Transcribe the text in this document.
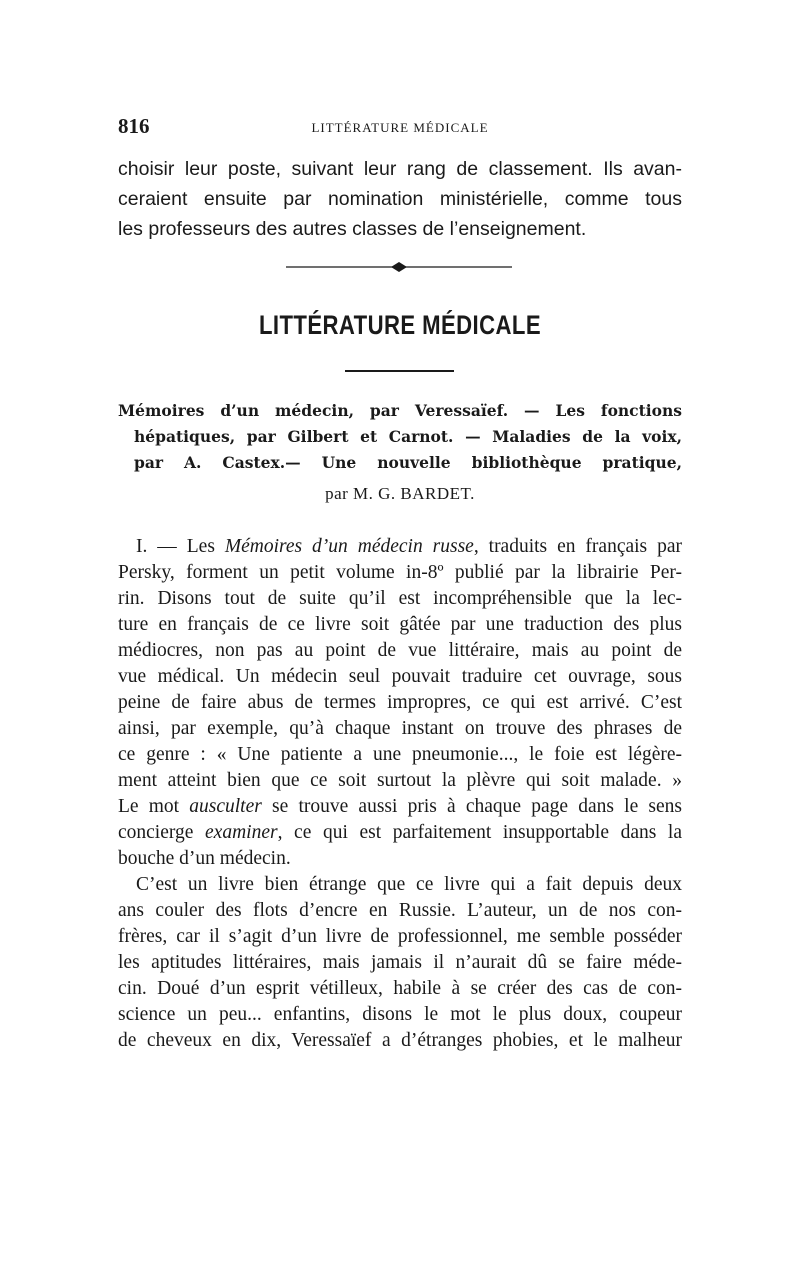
816	LITTÉRATURE MÉDICALE

choisir leur poste, suivant leur rang de classement. Ils avan-
ceraient ensuite par nomination ministérielle, comme tous
les professeurs des autres classes de l’enseignement.

LITTÉRATURE MÉDICALE
Mémoires d’un médecin, par Veressaïef. — Les fonctions
hépatiques, par Gilbert et Carnot. — Maladies de la voix,
par A. Castex.— Une nouvelle bibliothèque pratique,
par M. G. BARDET.
I. — Les Mémoires d’un médecin russe, traduits en français par
Persky, forment un petit volume in-8º publié par la librairie Per-
rin. Disons tout de suite qu’il est incompréhensible que la lec-
ture en français de ce livre soit gâtée par une traduction des plus
médiocres, non pas au point de vue littéraire, mais au point de
vue médical. Un médecin seul pouvait traduire cet ouvrage, sous
peine de faire abus de termes impropres, ce qui est arrivé. C’est
ainsi, par exemple, qu’à chaque instant on trouve des phrases de
ce genre : « Une patiente a une pneumonie..., le foie est légère-
ment atteint bien que ce soit surtout la plèvre qui soit malade. »
Le mot ausculter se trouve aussi pris à chaque page dans le sens
concierge examiner, ce qui est parfaitement insupportable dans la
bouche d’un médecin.
C’est un livre bien étrange que ce livre qui a fait depuis deux
ans couler des flots d’encre en Russie. L’auteur, un de nos con-
frères, car il s’agit d’un livre de professionnel, me semble posséder
les aptitudes littéraires, mais jamais il n’aurait dû se faire méde-
cin. Doué d’un esprit vétilleux, habile à se créer des cas de con-
science un peu... enfantins, disons le mot le plus doux, coupeur
de cheveux en dix, Veressaïef a d’étranges phobies, et le malheur
